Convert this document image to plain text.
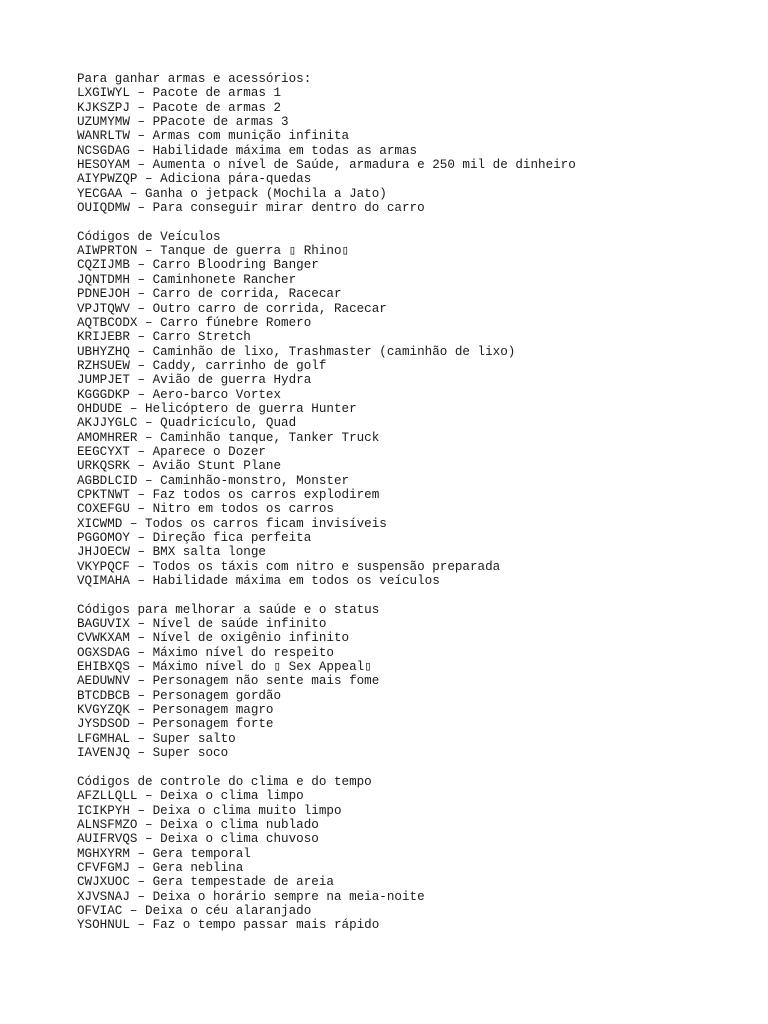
Para ganhar armas e acessórios:
LXGIWYL – Pacote de armas 1
KJKSZPJ – Pacote de armas 2
UZUMYMW – PPacote de armas 3
WANRLTW – Armas com munição infinita
NCSGDAG – Habilidade máxima em todas as armas
HESOYAM – Aumenta o nível de Saúde, armadura e 250 mil de dinheiro
AIYPWZQP – Adiciona pára-quedas
YECGAA – Ganha o jetpack (Mochila a Jato)
OUIQDMW – Para conseguir mirar dentro do carro
Códigos de Veículos
AIWPRTON – Tanque de guerra ▯ Rhino▯
CQZIJMB – Carro Bloodring Banger
JQNTDMH – Caminhonete Rancher
PDNEJOH – Carro de corrida, Racecar
VPJTQWV – Outro carro de corrida, Racecar
AQTBCODX – Carro fúnebre Romero
KRIJEBR – Carro Stretch
UBHYZHQ – Caminhão de lixo, Trashmaster (caminhão de lixo)
RZHSUEW – Caddy, carrinho de golf
JUMPJET – Avião de guerra Hydra
KGGGDKP – Aero-barco Vortex
OHDUDE – Helicóptero de guerra Hunter
AKJJYGLC – Quadricículo, Quad
AMOMHRER – Caminhão tanque, Tanker Truck
EEGCYXT – Aparece o Dozer
URKQSRK – Avião Stunt Plane
AGBDLCID – Caminhão-monstro, Monster
CPKTNWT – Faz todos os carros explodirem
COXEFGU – Nitro em todos os carros
XICWMD – Todos os carros ficam invisíveis
PGGOMOY – Direção fica perfeita
JHJOECW – BMX salta longe
VKYPQCF – Todos os táxis com nitro e suspensão preparada
VQIMAHA – Habilidade máxima em todos os veículos
Códigos para melhorar a saúde e o status
BAGUVIX – Nível de saúde infinito
CVWKXAM – Nível de oxigênio infinito
OGXSDAG – Máximo nível do respeito
EHIBXQS – Máximo nível do ▯ Sex Appeal▯
AEDUWNV – Personagem não sente mais fome
BTCDBCB – Personagem gordão
KVGYZQK – Personagem magro
JYSDSOD – Personagem forte
LFGMHAL – Super salto
IAVENJQ – Super soco
Códigos de controle do clima e do tempo
AFZLLQLL – Deixa o clima limpo
ICIKPYH – Deixa o clima muito limpo
ALNSFMZO – Deixa o clima nublado
AUIFRVQS – Deixa o clima chuvoso
MGHXYRM – Gera temporal
CFVFGMJ – Gera neblina
CWJXUOC – Gera tempestade de areia
XJVSNAJ – Deixa o horário sempre na meia-noite
OFVIAC – Deixa o céu alaranjado
YSOHNUL – Faz o tempo passar mais rápido
